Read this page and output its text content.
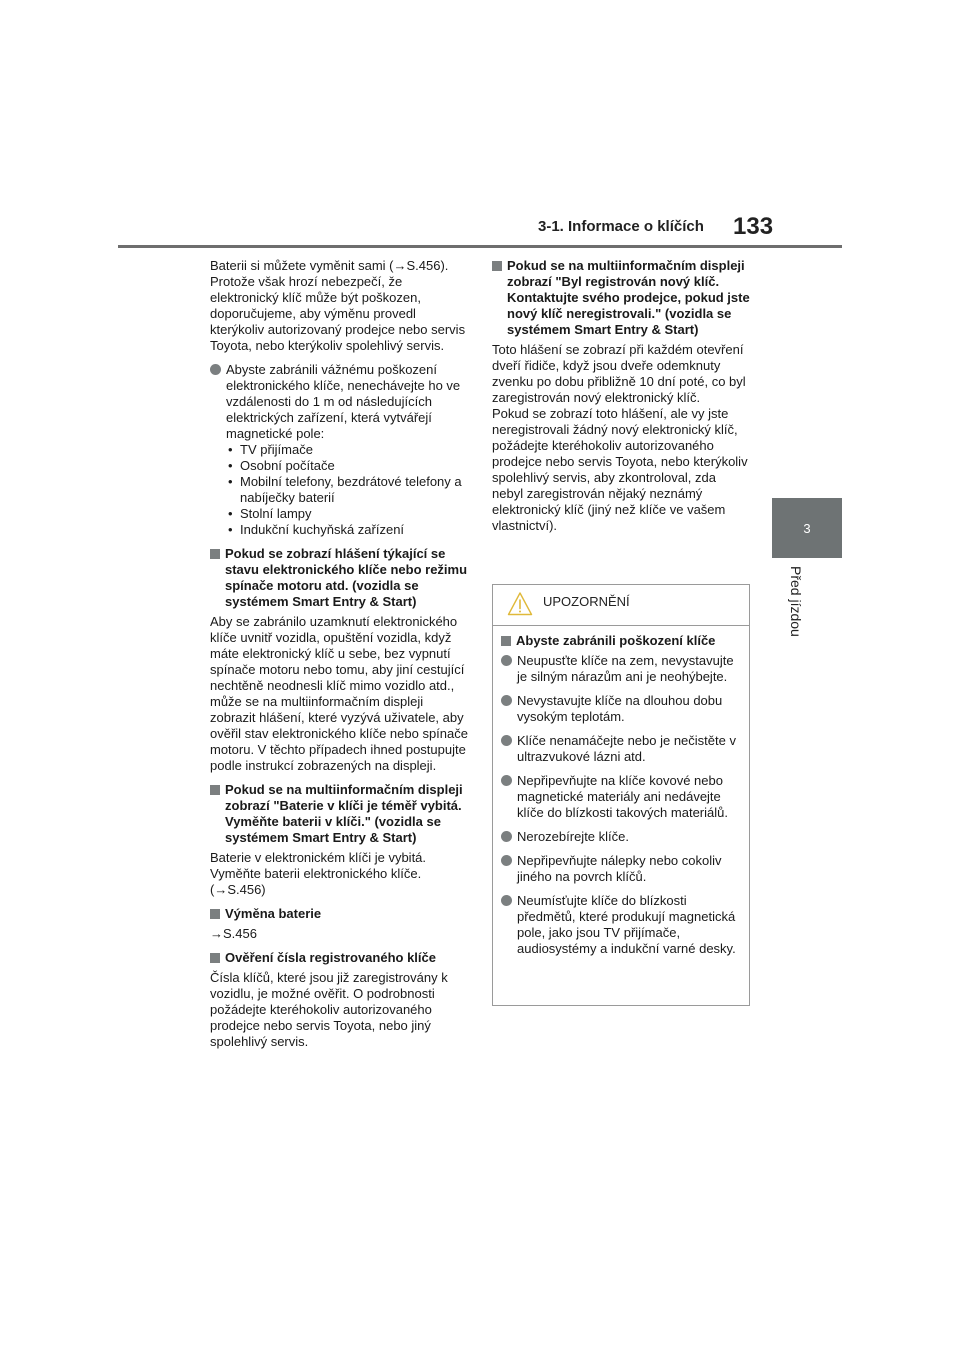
3-1. Informace o klíčích 133
3
Před jízdou

Baterii si můžete vyměnit sami (→S.456). Protože však hrozí nebezpečí, že elektronický klíč může být poškozen, doporučujeme, aby výměnu provedl kterýkoliv autorizovaný prodejce nebo servis Toyota, nebo kterýkoliv spolehlivý servis.

Abyste zabránili vážnému poškození elektronického klíče, nenechávejte ho ve vzdálenosti do 1 m od následujících elektrických zařízení, která vytvářejí magnetické pole:

• TV přijímače
• Osobní počítače
• Mobilní telefony, bezdrátové telefony a nabíječky baterií
• Stolní lampy
• Indukční kuchyňská zařízení
Pokud se zobrazí hlášení týkající se stavu elektronického klíče nebo režimu spínače motoru atd. (vozidla se systémem Smart Entry & Start)

Aby se zabránilo uzamknutí elektronického klíče uvnitř vozidla, opuštění vozidla, když máte elektronický klíč u sebe, bez vypnutí spínače motoru nebo tomu, aby jiní cestující nechtěně neodnesli klíč mimo vozidlo atd., může se na multiinformačním displeji zobrazit hlášení, které vyzývá uživatele, aby ověřil stav elektronického klíče nebo spínače motoru. V těchto případech ihned postupujte podle instrukcí zobrazených na displeji.

Pokud se na multiinformačním displeji zobrazí "Baterie v klíči je téměř vybitá. Vyměňte baterii v klíči." (vozidla se systémem Smart Entry & Start)

Baterie v elektronickém klíči je vybitá. Vyměňte baterii elektronického klíče. (→S.456)

Výměna baterie

→S.456

Ověření čísla registrovaného klíče

Čísla klíčů, které jsou již zaregistrovány k vozidlu, je možné ověřit. O podrobnosti požádejte kteréhokoliv autorizovaného prodejce nebo servis Toyota, nebo jiný spolehlivý servis.

Pokud se na multiinformačním displeji zobrazí "Byl registrován nový klíč. Kontaktujte svého prodejce, pokud jste nový klíč neregistrovali." (vozidla se systémem Smart Entry & Start)

Toto hlášení se zobrazí při každém otevření dveří řidiče, když jsou dveře odemknuty zvenku po dobu přibližně 10 dní poté, co byl zaregistrován nový elektronický klíč.

Pokud se zobrazí toto hlášení, ale vy jste neregistrovali žádný nový elektronický klíč, požádejte kteréhokoliv autorizovaného prodejce nebo servis Toyota, nebo kterýkoliv spolehlivý servis, aby zkontroloval, zda nebyl zaregistrován nějaký neznámý elektronický klíč (jiný než klíče ve vašem vlastnictví).

UPOZORNĚNÍ
Abyste zabránili poškození klíče

Neupusťte klíče na zem, nevystavujte je silným nárazům ani je neohýbejte.

Nevystavujte klíče na dlouhou dobu vysokým teplotám.

Klíče nenamáčejte nebo je nečistěte v ultrazvukové lázni atd.

Nepřipevňujte na klíče kovové nebo magnetické materiály ani nedávejte klíče do blízkosti takových materiálů.

Nerozebírejte klíče.

Nepřipevňujte nálepky nebo cokoliv jiného na povrch klíčů.

Neumísťujte klíče do blízkosti předmětů, které produkují magnetická pole, jako jsou TV přijímače, audiosystémy a indukční varné desky.
